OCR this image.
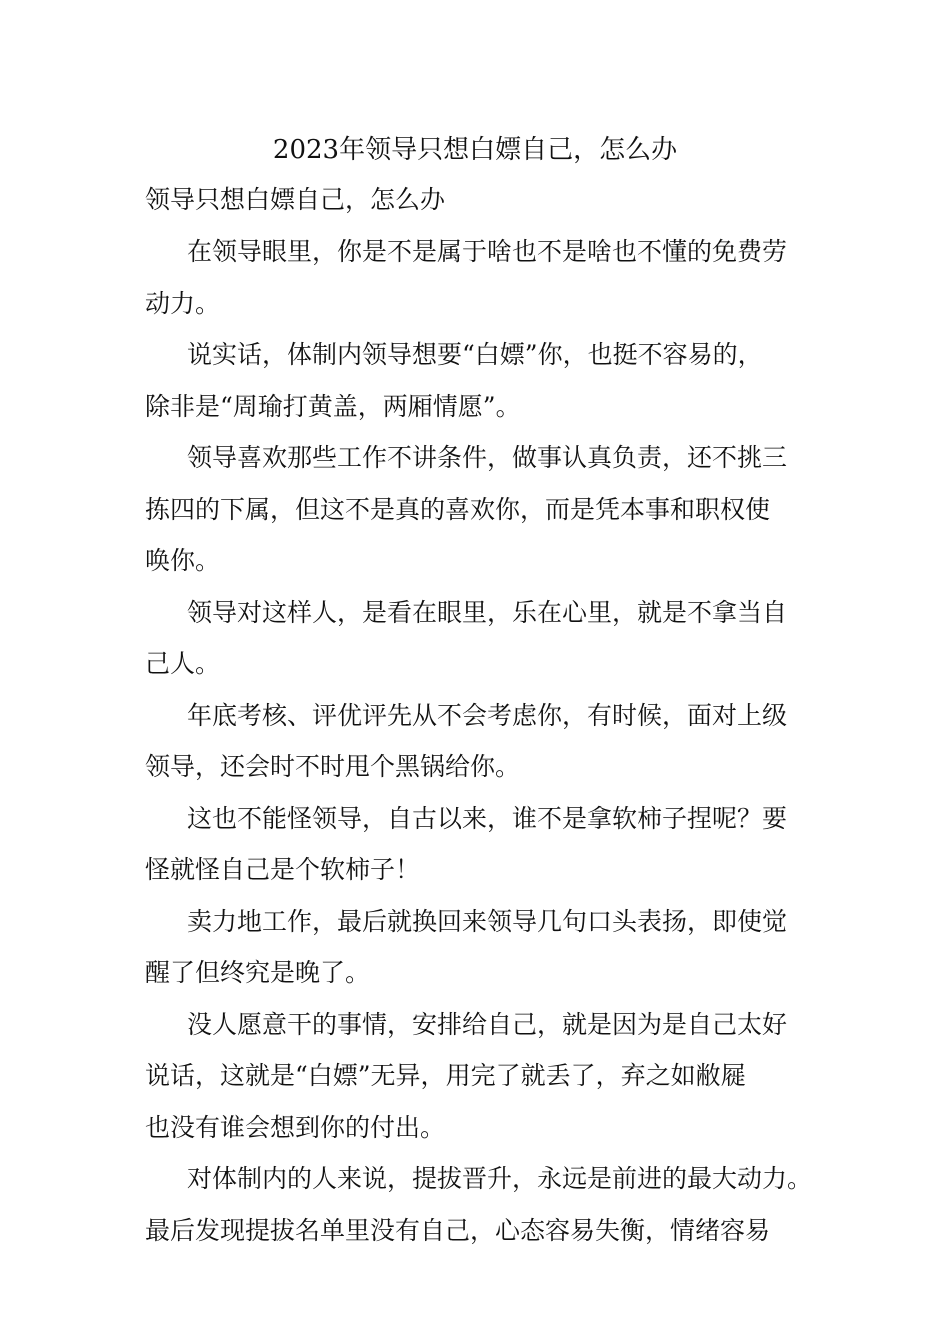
2023年领导只想白嫖自己，怎么办

领导只想白嫖自己，怎么办

在领导眼里，你是不是属于啥也不是啥也不懂的免费劳
动力。

说实话，体制内领导想要“白嫖”你，也挺不容易的，
除非是“周瑜打黄盖，两厢情愿”。

领导喜欢那些工作不讲条件，做事认真负责，还不挑三
拣四的下属，但这不是真的喜欢你，而是凭本事和职权使
唤你。

领导对这样人，是看在眼里，乐在心里，就是不拿当自
己人。

年底考核、评优评先从不会考虑你，有时候，面对上级
领导，还会时不时甩个黑锅给你。

这也不能怪领导，自古以来，谁不是拿软柿子捏呢？要
怪就怪自己是个软柿子！

卖力地工作，最后就换回来领导几句口头表扬，即使觉
醒了但终究是晚了。

没人愿意干的事情，安排给自己，就是因为是自己太好
说话，这就是“白嫖”无异，用完了就丢了，弃之如敝屣
也没有谁会想到你的付出。

对体制内的人来说，提拔晋升，永远是前进的最大动力。
最后发现提拔名单里没有自己，心态容易失衡，情绪容易
